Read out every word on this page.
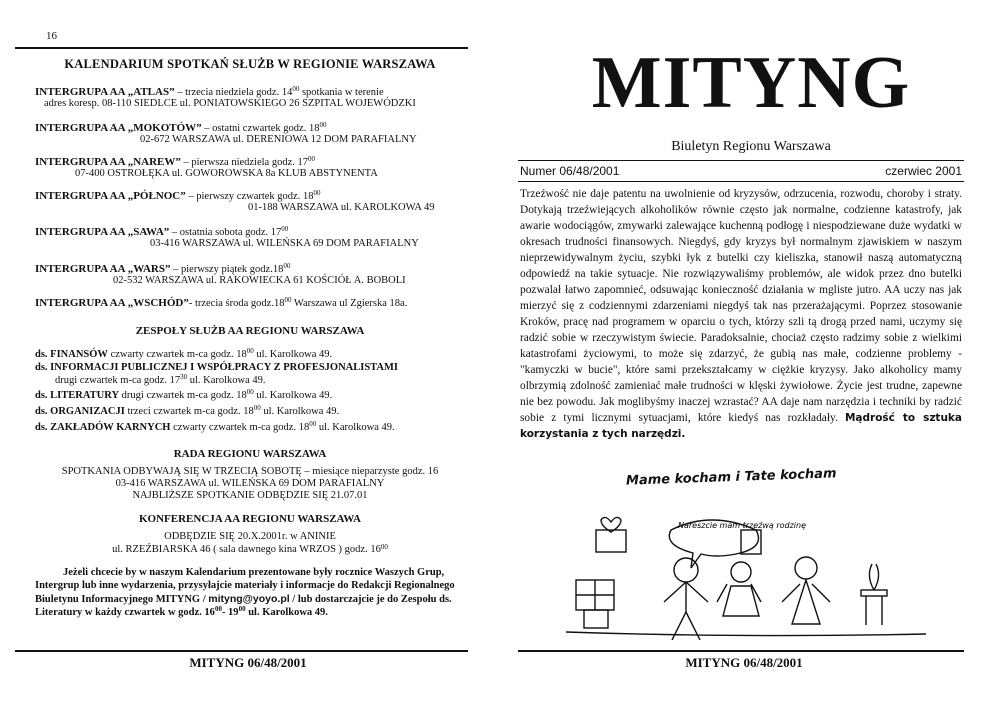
16
KALENDARIUM SPOTKAŃ SŁUŻB W REGIONIE WARSZAWA
INTERGRUPA AA „ATLAS” – trzecia niedziela godz. $14^{00}$ spotkania w terenie
adres koresp. 08-110 SIEDLCE ul. PONIATOWSKIEGO 26 SZPITAL WOJEWÓDZKI
INTERGRUPA AA „MOKOTÓW” – ostatni czwartek godz. $18^{00}$
02-672 WARSZAWA ul. DERENIOWA 12 DOM PARAFIALNY
INTERGRUPA AA „NAREW” – pierwsza niedziela godz. $17^{00}$
07-400 OSTROŁĘKA ul. GOWOROWSKA 8a KLUB ABSTYNENTA
INTERGRUPA AA „PÓŁNOC” – pierwszy czwartek godz. $18^{00}$
01-188 WARSZAWA ul. KAROLKOWA 49
INTERGRUPA AA „SAWA” – ostatnia sobota godz. $17^{00}$
03-416 WARSZAWA ul. WILEŃSKA 69 DOM PARAFIALNY
INTERGRUPA AA „WARS” – pierwszy piątek $godz.18^{00}$
02-532 WARSZAWA ul. RAKOWIECKA 61 KOŚCIÓŁ A. BOBOLI
INTERGRUPA AA „WSCHÓD”- trzecia środa $godz.18^{00}$ Warszawa ul Zgierska 18a.
ZESPOŁY SŁUŻB AA REGIONU WARSZAWA
ds. FINANSÓW czwarty czwartek m-ca godz. $18^{00}$ ul. Karolkowa 49.
ds. INFORMACJI PUBLICZNEJ I WSPÓŁPRACY Z PROFESJONALISTAMI
drugi czwartek m-ca godz. $17^{30}$ ul. Karolkowa 49.
ds. LITERATURY drugi czwartek m-ca godz. $18^{00}$ ul. Karolkowa 49.
ds. ORGANIZACJI trzeci czwartek m-ca godz. $18^{00}$ ul. Karolkowa 49.
ds. ZAKŁADÓW KARNYCH czwarty czwartek m-ca godz. $18^{00}$ ul. Karolkowa 49.
RADA REGIONU WARSZAWA
SPOTKANIA ODBYWAJĄ SIĘ W TRZECIĄ SOBOTĘ – miesiące nieparzyste godz. 16
03-416 WARSZAWA ul. WILEŃSKA 69 DOM PARAFIALNY
NAJBLIŻSZE SPOTKANIE ODBĘDZIE SIĘ 21.07.01
KONFERENCJA AA REGIONU WARSZAWA
ODBĘDZIE SIĘ 20.X.2001r. w ANINIE
ul. RZEŹBIARSKA 46 ( sala dawnego kina WRZOS ) godz. $16^{00}$
Jeżeli chcecie by w naszym Kalendarium prezentowane były rocznice Waszych Grup, Intergrup lub inne wydarzenia, przysyłajcie materiały i informacje do Redakcji Regionalnego Biuletynu Informacyjnego MITYNG / mityng@yoyo.pl / lub dostarczajcie je do Zespołu ds. Literatury w każdy czwartek w godz. $16^{00}-$ $19^{00}$ ul. Karolkowa 49.
MITYNG 06/48/2001
MITYNG
Biuletyn Regionu Warszawa
Numer 06/48/2001	czerwiec 2001
Trzeźwość nie daje patentu na uwolnienie od kryzysów, odrzucenia, rozwodu, choroby i straty. Dotykają trzeźwiejących alkoholików równie często jak normalne, codzienne katastrofy, jak awarie wodociągów, zmywarki zalewające kuchenną podłogę i niespodziewane duże wydatki w okresach trudności finansowych. Niegdyś, gdy kryzys był normalnym zjawiskiem w naszym nieprzewidywalnym życiu, szybki łyk z butelki czy kieliszka, stanowił naszą automatyczną odpowiedź na takie sytuacje. Nie rozwiązywaliśmy problemów, ale widok przez dno butelki pozwalał łatwo zapomnieć, odsuwając konieczność działania w mgliste jutro. AA uczy nas jak mierzyć się z codziennymi zdarzeniami niegdyś tak nas przerażającymi. Poprzez stosowanie Kroków, pracę nad programem w oparciu o tych, którzy szli tą drogą przed nami, uczymy się radzić sobie w rzeczywistym świecie. Paradoksalnie, chociaż często radzimy sobie z wielkimi katastrofami życiowymi, to może się zdarzyć, że gubią nas małe, codzienne problemy - "kamyczki w bucie", które sami przekształcamy w ciężkie kryzysy. Jako alkoholicy mamy olbrzymią zdolność zamieniać małe trudności w klęski żywiołowe. Życie jest trudne, zapewne nie bez powodu. Jak moglibyśmy inaczej wzrastać? AA daje nam narzędzia i techniki by radzić sobie z tymi licznymi sytuacjami, które kiedyś nas rozkładały. Mądrość to sztuka korzystania z tych narzędzi.
Mame kocham i Tate kocham
Nareszcie mam trzeźwą rodzinę
MITYNG 06/48/2001
